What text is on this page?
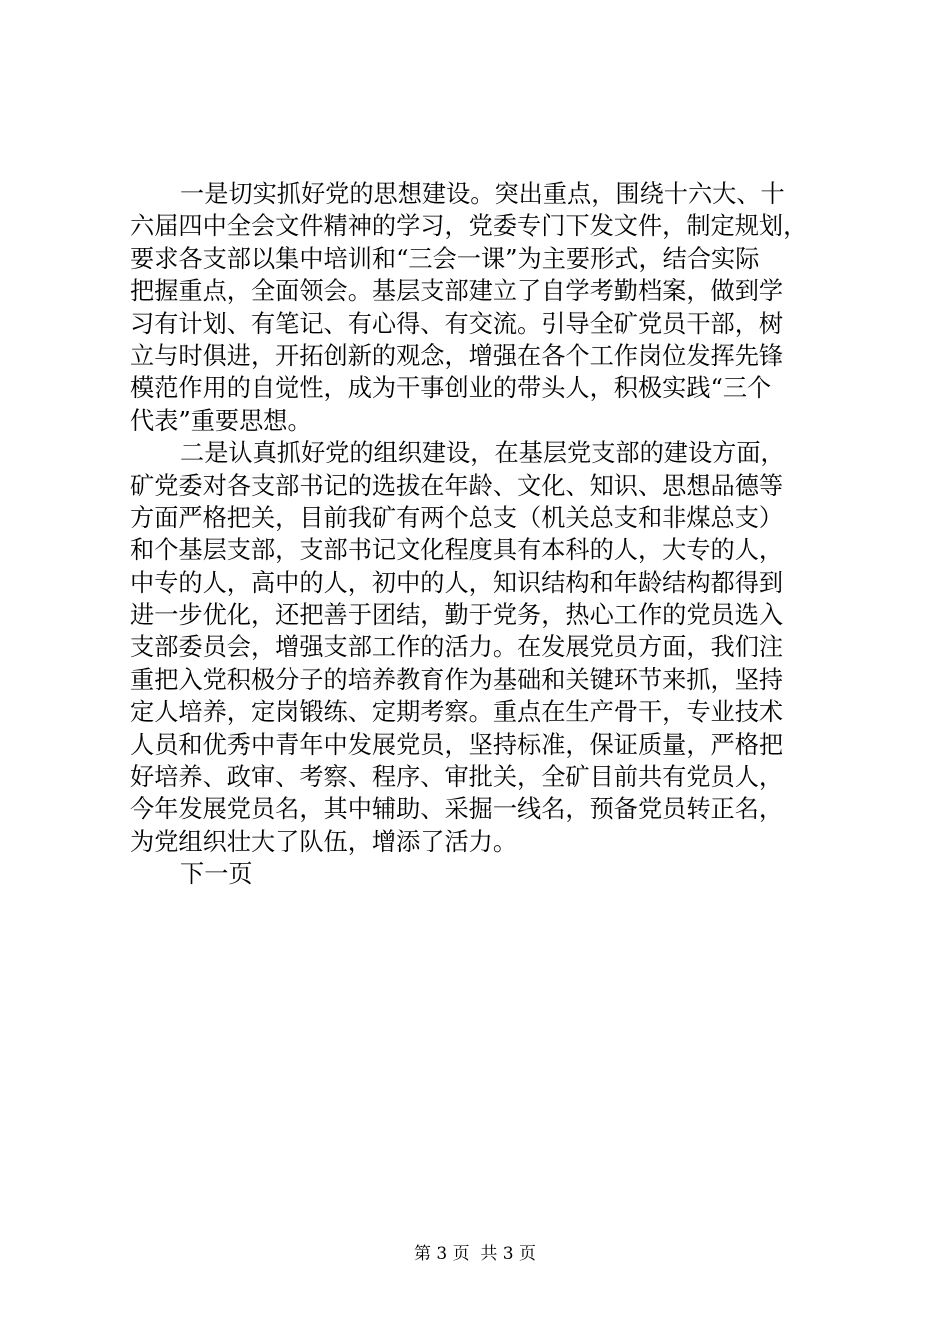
一是切实抓好党的思想建设。突出重点，围绕十六大、十
六届四中全会文件精神的学习，党委专门下发文件，制定规划，
要求各支部以集中培训和“三会一课”为主要形式，结合实际
把握重点，全面领会。基层支部建立了自学考勤档案，做到学
习有计划、有笔记、有心得、有交流。引导全矿党员干部，树
立与时俱进，开拓创新的观念，增强在各个工作岗位发挥先锋
模范作用的自觉性，成为干事创业的带头人，积极实践“三个
代表”重要思想。
二是认真抓好党的组织建设，在基层党支部的建设方面，
矿党委对各支部书记的选拔在年龄、文化、知识、思想品德等
方面严格把关，目前我矿有两个总支（机关总支和非煤总支）
和个基层支部，支部书记文化程度具有本科的人，大专的人，
中专的人，高中的人，初中的人，知识结构和年龄结构都得到
进一步优化，还把善于团结，勤于党务，热心工作的党员选入
支部委员会，增强支部工作的活力。在发展党员方面，我们注
重把入党积极分子的培养教育作为基础和关键环节来抓，坚持
定人培养，定岗锻练、定期考察。重点在生产骨干，专业技术
人员和优秀中青年中发展党员，坚持标准，保证质量，严格把
好培养、政审、考察、程序、审批关，全矿目前共有党员人，
今年发展党员名，其中辅助、采掘一线名，预备党员转正名，
为党组织壮大了队伍，增添了活力。
下一页
第 3 页  共 3 页
